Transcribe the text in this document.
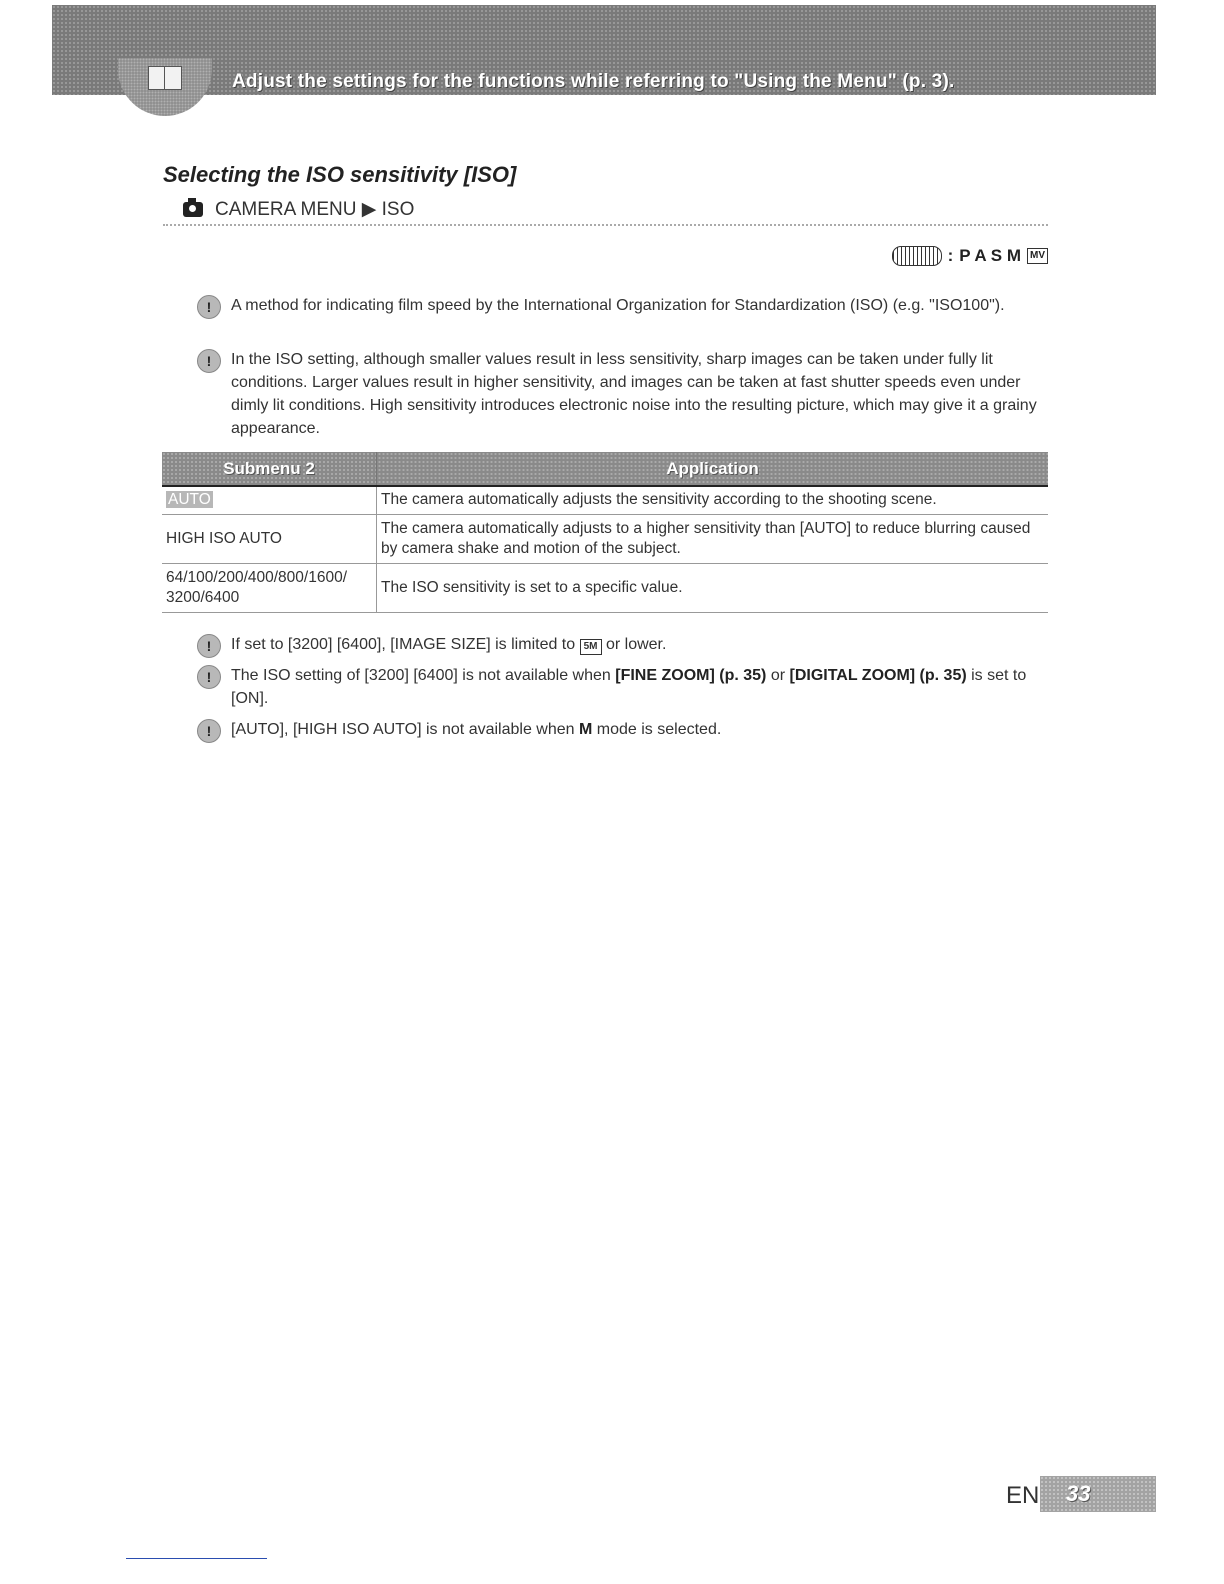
Adjust the settings for the functions while referring to "Using the Menu" (p. 3).
Selecting the ISO sensitivity [ISO]
CAMERA MENU ▶ ISO
: P A S M MV
!	A method for indicating film speed by the International Organization for Standardization (ISO) (e.g. "ISO100").
!	In the ISO setting, although smaller values result in less sensitivity, sharp images can be taken under fully lit conditions. Larger values result in higher sensitivity, and images can be taken at fast shutter speeds even under dimly lit conditions. High sensitivity introduces electronic noise into the resulting picture, which may give it a grainy appearance.
Submenu 2	Application
AUTO	The camera automatically adjusts the sensitivity according to the shooting scene.
HIGH ISO AUTO	The camera automatically adjusts to a higher sensitivity than [AUTO] to reduce blurring caused by camera shake and motion of the subject.
64/100/200/400/800/1600/ 3200/6400	The ISO sensitivity is set to a specific value.
!	If set to [3200] [6400], [IMAGE SIZE] is limited to 5M or lower.
!	The ISO setting of [3200] [6400] is not available when [FINE ZOOM] (p. 35) or [DIGITAL ZOOM] (p. 35) is set to [ON].
!	[AUTO], [HIGH ISO AUTO] is not available when M mode is selected.
EN	33
